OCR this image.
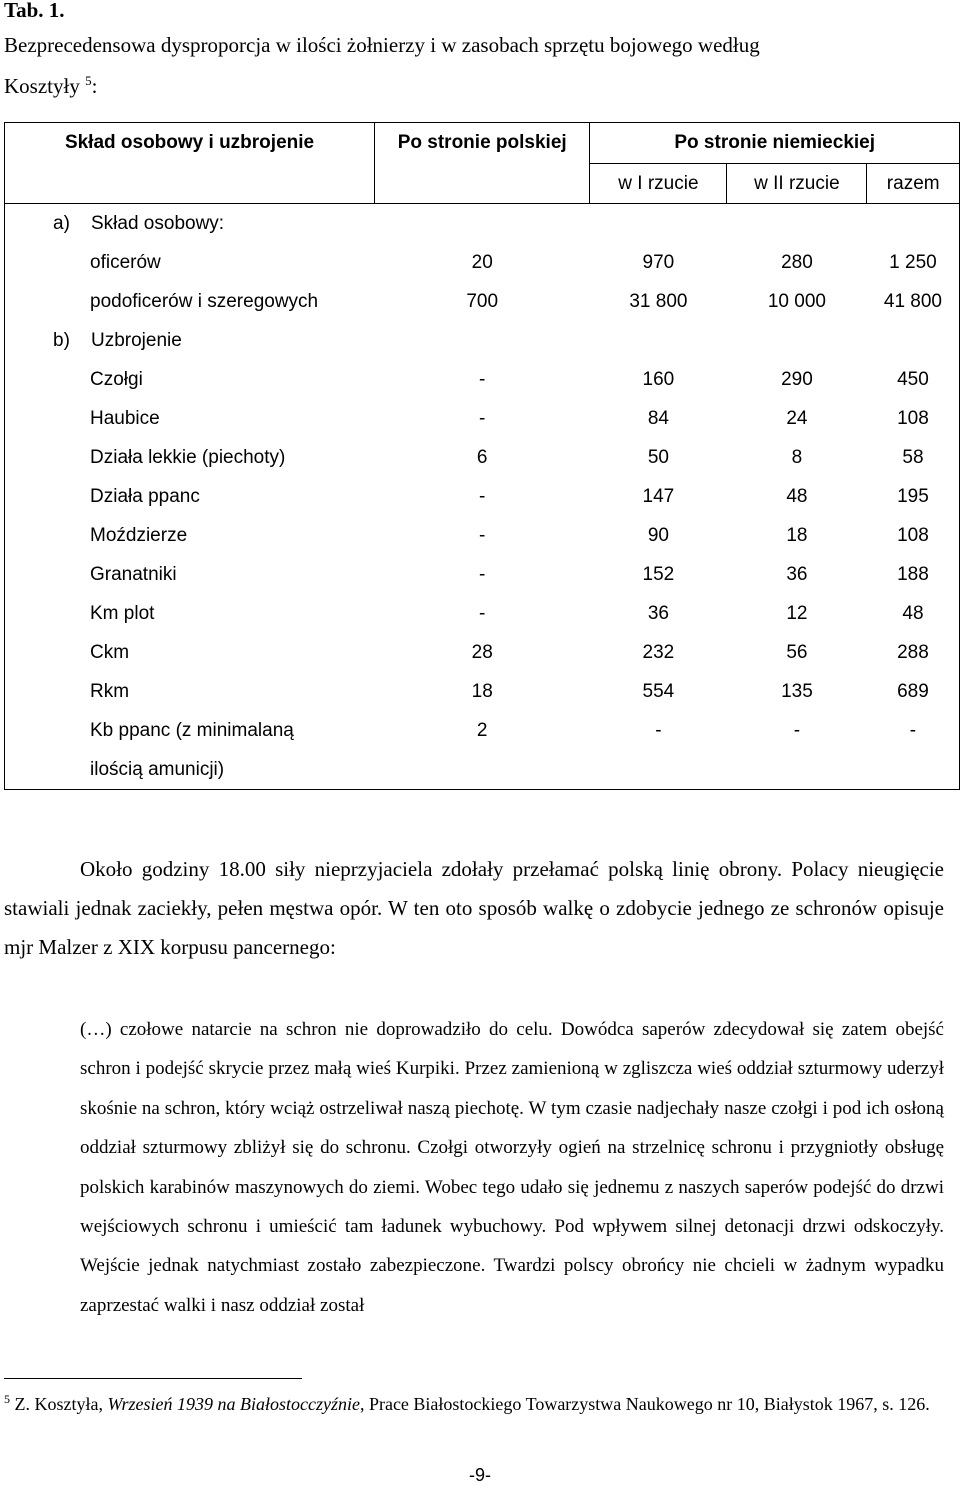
Tab. 1.
Bezprecedensowa dysproporcja w ilości żołnierzy i w zasobach sprzętu bojowego według
Kosztyły $^5$:
Skład osobowy i uzbrojenie	Po stronie polskiej	Po stronie niemieckiej		
		w I rzucie	w II rzucie	razem
a) Skład osobowy:				
oficerów	20	970	280	1 250
podoficerów i szeregowych	700	31 800	10 000	41 800
b) Uzbrojenie				
Czołgi	-	160	290	450
Haubice	-	84	24	108
Działa lekkie (piechoty)	6	50	8	58
Działa ppanc	-	147	48	195
Moździerze	-	90	18	108
Granatniki	-	152	36	188
Km plot	-	36	12	48
Ckm	28	232	56	288
Rkm	18	554	135	689
Kb ppanc (z minimalaną	2	-	-	-
ilością amunicji)				
Około godziny 18.00 siły nieprzyjaciela zdołały przełamać polską linię obrony. Polacy nieugięcie stawiali jednak zaciekły, pełen męstwa opór. W ten oto sposób walkę o zdobycie jednego ze schronów opisuje mjr Malzer z XIX korpusu pancernego:
(…) czołowe natarcie na schron nie doprowadziło do celu. Dowódca saperów zdecydował się zatem obejść schron i podejść skrycie przez małą wieś Kurpiki. Przez zamienioną w zgliszcza wieś oddział szturmowy uderzył skośnie na schron, który wciąż ostrzeliwał naszą piechotę. W tym czasie nadjechały nasze czołgi i pod ich osłoną oddział szturmowy zbliżył się do schronu. Czołgi otworzyły ogień na strzelnicę schronu i przygniotły obsługę polskich karabinów maszynowych do ziemi. Wobec tego udało się jednemu z naszych saperów podejść do drzwi wejściowych schronu i umieścić tam ładunek wybuchowy. Pod wpływem silnej detonacji drzwi odskoczyły. Wejście jednak natychmiast zostało zabezpieczone. Twardzi polscy obrońcy nie chcieli w żadnym wypadku zaprzestać walki i nasz oddział został
$^5$ Z. Kosztyła, Wrzesień 1939 na Białostocczyźnie, Prace Białostockiego Towarzystwa Naukowego nr 10, Białystok 1967, s. 126.
-9-
